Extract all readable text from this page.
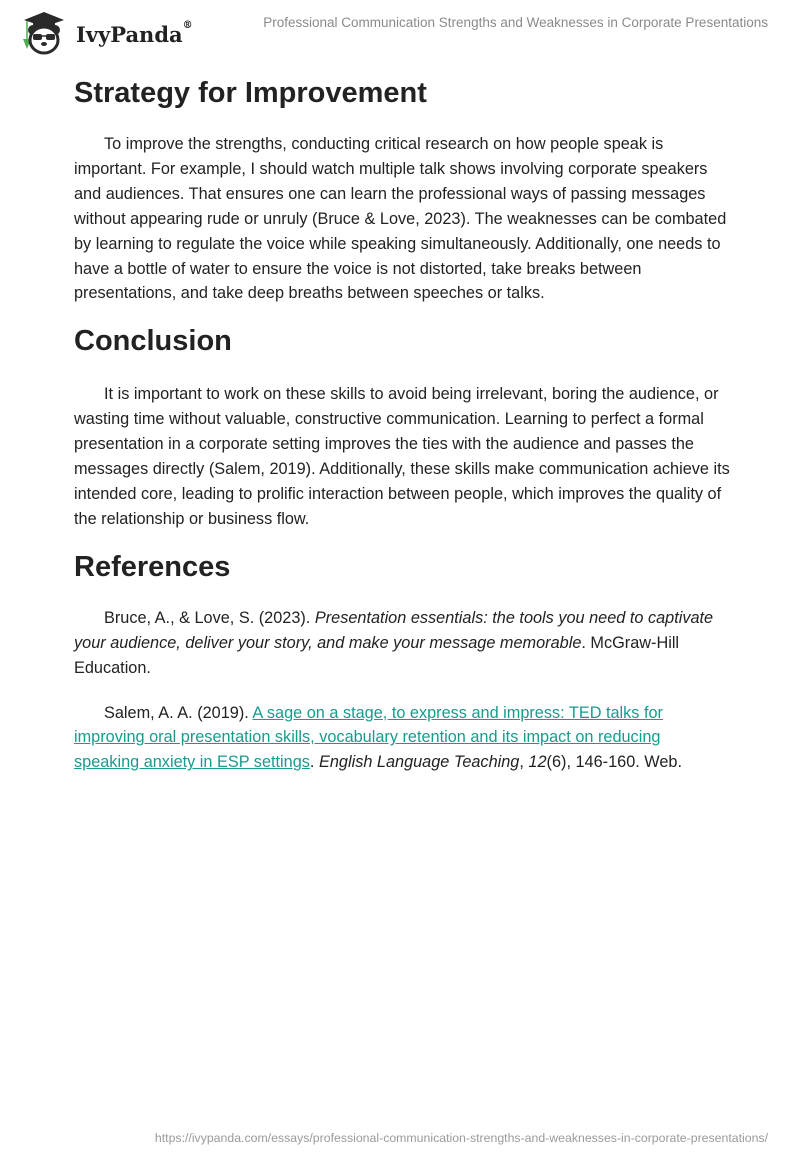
IvyPanda®	Professional Communication Strengths and Weaknesses in Corporate Presentations
Strategy for Improvement

To improve the strengths, conducting critical research on how people speak is important. For example, I should watch multiple talk shows involving corporate speakers and audiences. That ensures one can learn the professional ways of passing messages without appearing rude or unruly (Bruce & Love, 2023). The weaknesses can be combated by learning to regulate the voice while speaking simultaneously. Additionally, one needs to have a bottle of water to ensure the voice is not distorted, take breaks between presentations, and take deep breaths between speeches or talks.

Conclusion

It is important to work on these skills to avoid being irrelevant, boring the audience, or wasting time without valuable, constructive communication. Learning to perfect a formal presentation in a corporate setting improves the ties with the audience and passes the messages directly (Salem, 2019). Additionally, these skills make communication achieve its intended core, leading to prolific interaction between people, which improves the quality of the relationship or business flow.

References

Bruce, A., & Love, S. (2023). Presentation essentials: the tools you need to captivate your audience, deliver your story, and make your message memorable. McGraw-Hill Education.

Salem, A. A. (2019). A sage on a stage, to express and impress: TED talks for improving oral presentation skills, vocabulary retention and its impact on reducing speaking anxiety in ESP settings. English Language Teaching, 12(6), 146-160. Web.

https://ivypanda.com/essays/professional-communication-strengths-and-weaknesses-in-corporate-presentations/
